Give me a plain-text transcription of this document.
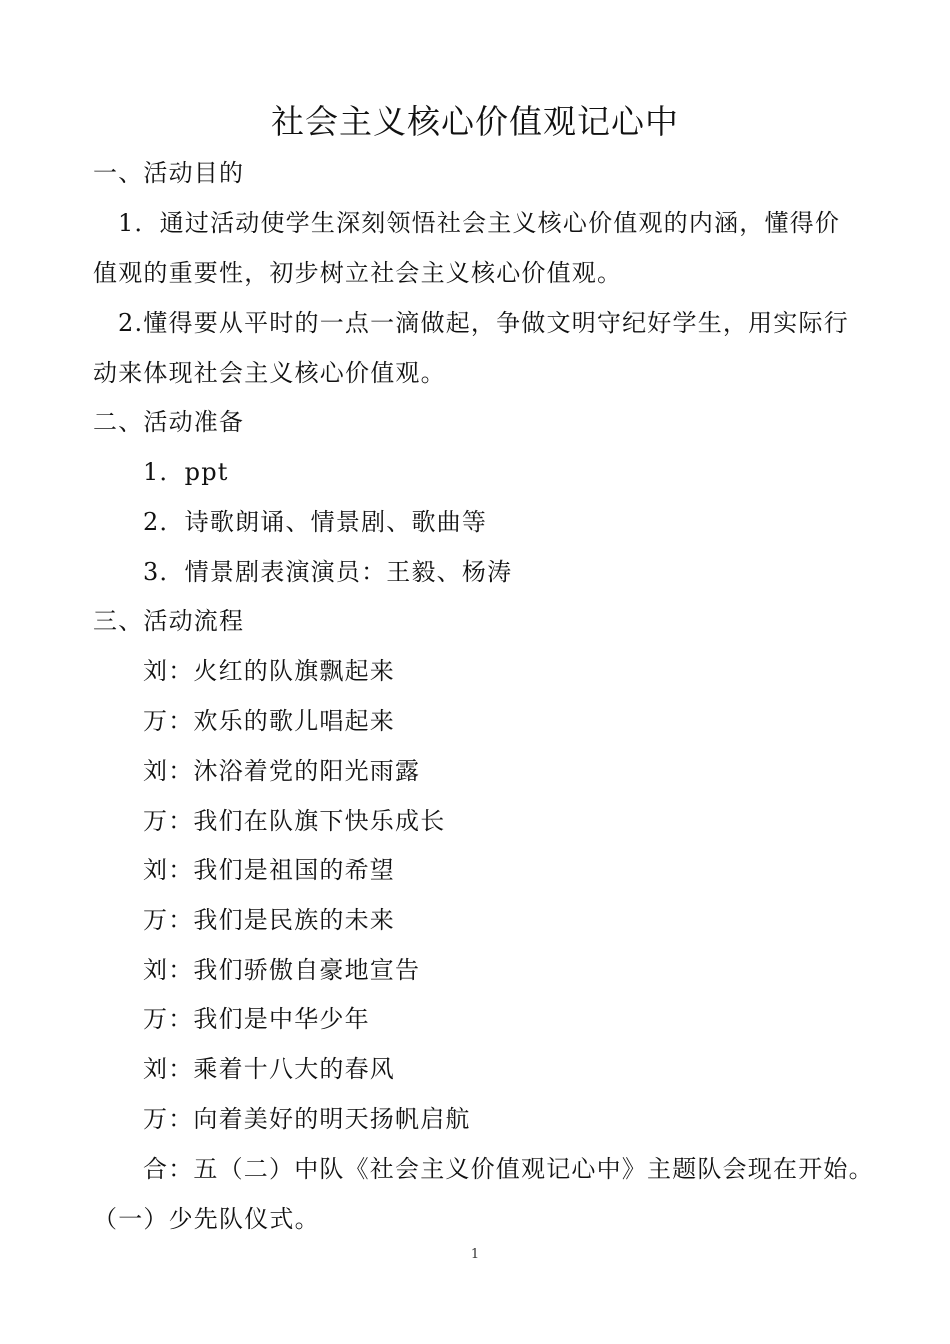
社会主义核心价值观记心中
一、活动目的
1．通过活动使学生深刻领悟社会主义核心价值观的内涵，懂得价
值观的重要性，初步树立社会主义核心价值观。
2.懂得要从平时的一点一滴做起，争做文明守纪好学生，用实际行
动来体现社会主义核心价值观。
二、活动准备
1．ppt
2．诗歌朗诵、情景剧、歌曲等
3．情景剧表演演员：王毅、杨涛
三、活动流程
刘：火红的队旗飘起来
万：欢乐的歌儿唱起来
刘：沐浴着党的阳光雨露
万：我们在队旗下快乐成长
刘：我们是祖国的希望
万：我们是民族的未来
刘：我们骄傲自豪地宣告
万：我们是中华少年
刘：乘着十八大的春风
万：向着美好的明天扬帆启航
合：五（二）中队《社会主义价值观记心中》主题队会现在开始。
（一）少先队仪式。
1
